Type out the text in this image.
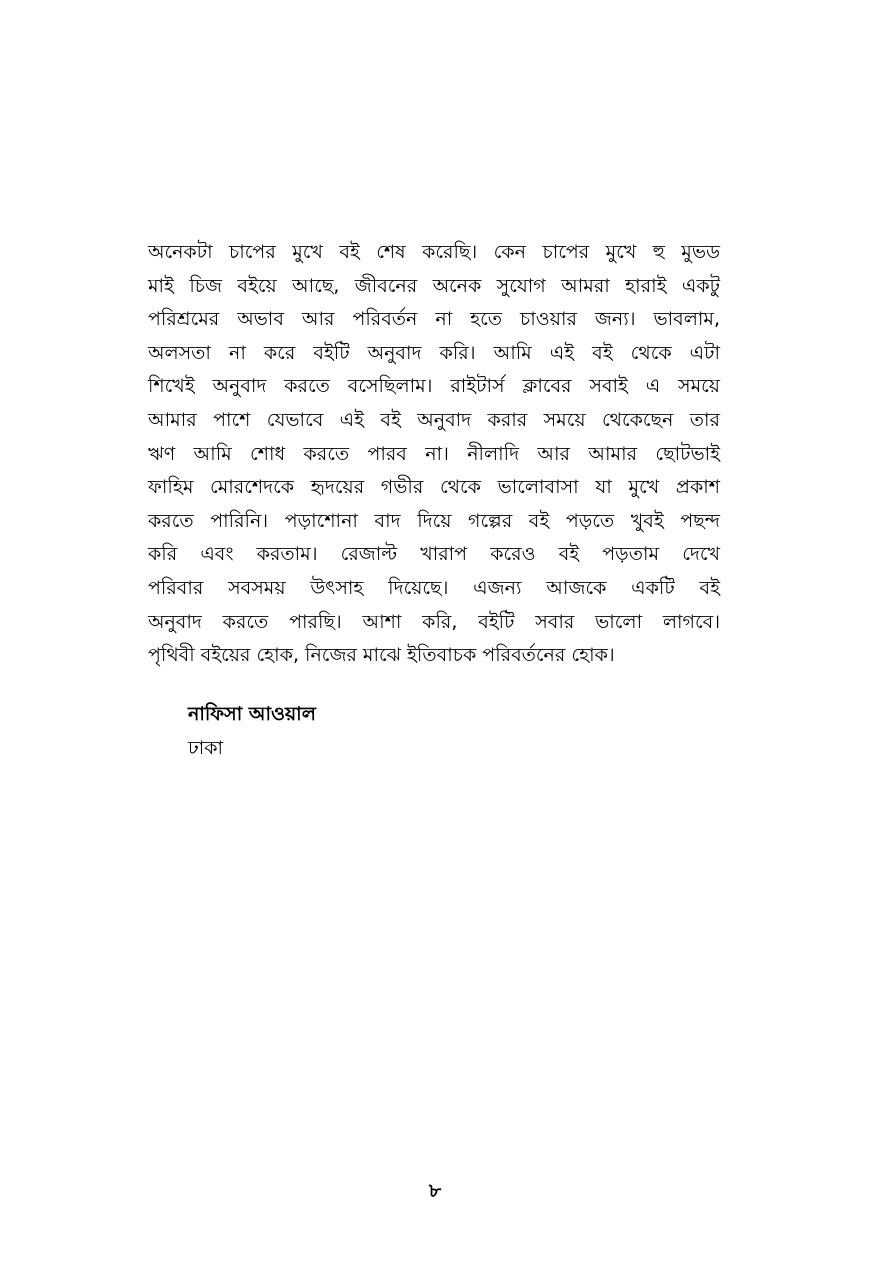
অনেকটা চাপের মুখে বই শেষ করেছি। কেন চাপের মুখে হু মুভড
মাই চিজ বইয়ে আছে, জীবনের অনেক সুযোগ আমরা হারাই একটু
পরিশ্রমের অভাব আর পরিবর্তন না হতে চাওয়ার জন্য। ভাবলাম,
অলসতা না করে বইটি অনুবাদ করি। আমি এই বই থেকে এটা
শিখেই অনুবাদ করতে বসেছিলাম। রাইটার্স ক্লাবের সবাই এ সময়ে
আমার পাশে যেভাবে এই বই অনুবাদ করার সময়ে থেকেছেন তার
ঋণ আমি শোধ করতে পারব না। নীলাদি আর আমার ছোটভাই
ফাহিম মোরশেদকে হৃদয়ের গভীর থেকে ভালোবাসা যা মুখে প্রকাশ
করতে পারিনি। পড়াশোনা বাদ দিয়ে গল্পের বই পড়তে খুবই পছন্দ
করি এবং করতাম। রেজাল্ট খারাপ করেও বই পড়তাম দেখে
পরিবার সবসময় উৎসাহ দিয়েছে। এজন্য আজকে একটি বই
অনুবাদ করতে পারছি। আশা করি, বইটি সবার ভালো লাগবে।
পৃথিবী বইয়ের হোক, নিজের মাঝে ইতিবাচক পরিবর্তনের হোক।
নাফিসা আওয়াল
ঢাকা
৮
